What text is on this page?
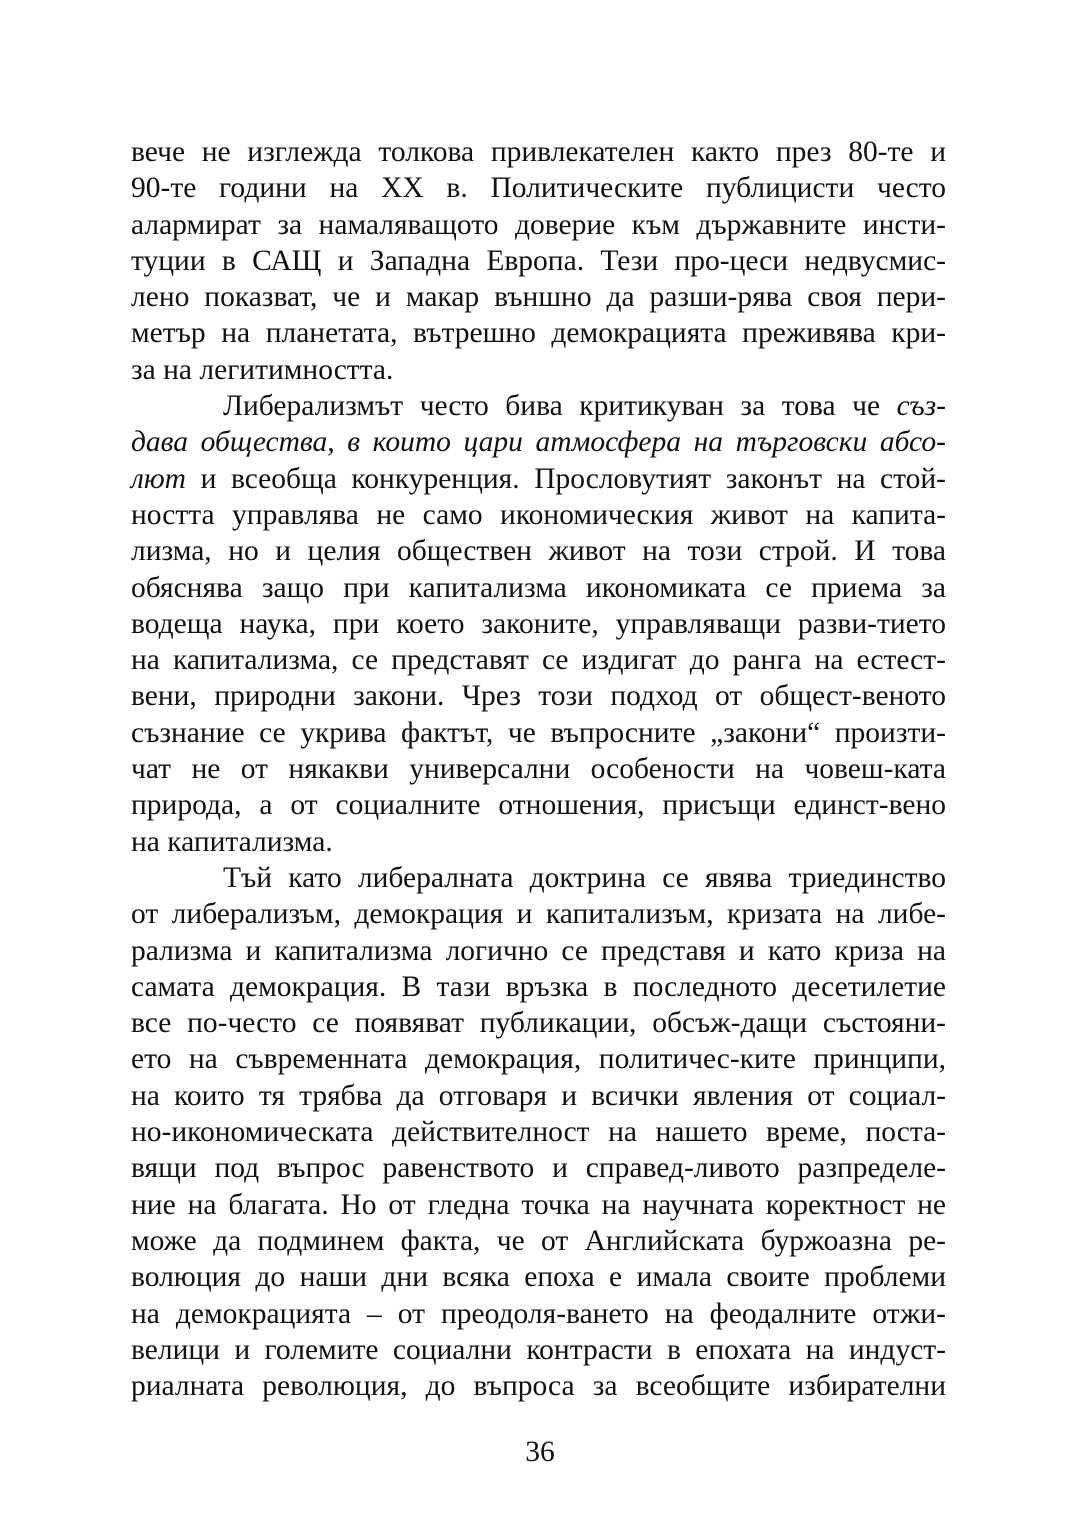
вече не изглежда толкова привлекателен както през 80-те и
90-те години на XX в. Политическите публицисти често
алармират за намаляващото доверие към държавните инсти-
туции в САЩ и Западна Европа. Тези про-цеси недвусмис-
лено показват, че и макар външно да разши-рява своя пери-
метър на планетата, вътрешно демокрацията преживява кри-
за на легитимността.
Либерализмът често бива критикуван за това че съз-
дава общества, в които цари атмосфера на търговски абсо-
лют и всеобща конкуренция. Прословутият законът на стой-
ността управлява не само икономическия живот на капита-
лизма, но и целия обществен живот на този строй. И това
обяснява защо при капитализма икономиката се приема за
водеща наука, при което законите, управляващи разви-тието
на капитализма, се представят се издигат до ранга на естест-
вени, природни закони. Чрез този подход от общест-веното
съзнание се укрива фактът, че въпросните „закони“ произти-
чат не от някакви универсални особености на човеш-ката
природа, а от социалните отношения, присъщи единст-вено
на капитализма.
Тъй като либералната доктрина се явява триединство
от либерализъм, демокрация и капитализъм, кризата на либе-
рализма и капитализма логично се представя и като криза на
самата демокрация. В тази връзка в последното десетилетие
все по-често се появяват публикации, обсъж-дащи състояни-
ето на съвременната демокрация, политичес-ките принципи,
на които тя трябва да отговаря и всички явления от социал-
но-икономическата действителност на нашето време, поста-
вящи под въпрос равенството и справед-ливото разпределе-
ние на благата. Но от гледна точка на научната коректност не
може да подминем факта, че от Английската буржоазна ре-
волюция до наши дни всяка епоха е имала своите проблеми
на демокрацията – от преодоля-ването на феодалните отжи-
велици и големите социални контрасти в епохата на индуст-
риалната революция, до въпроса за всеобщите избирателни
36
